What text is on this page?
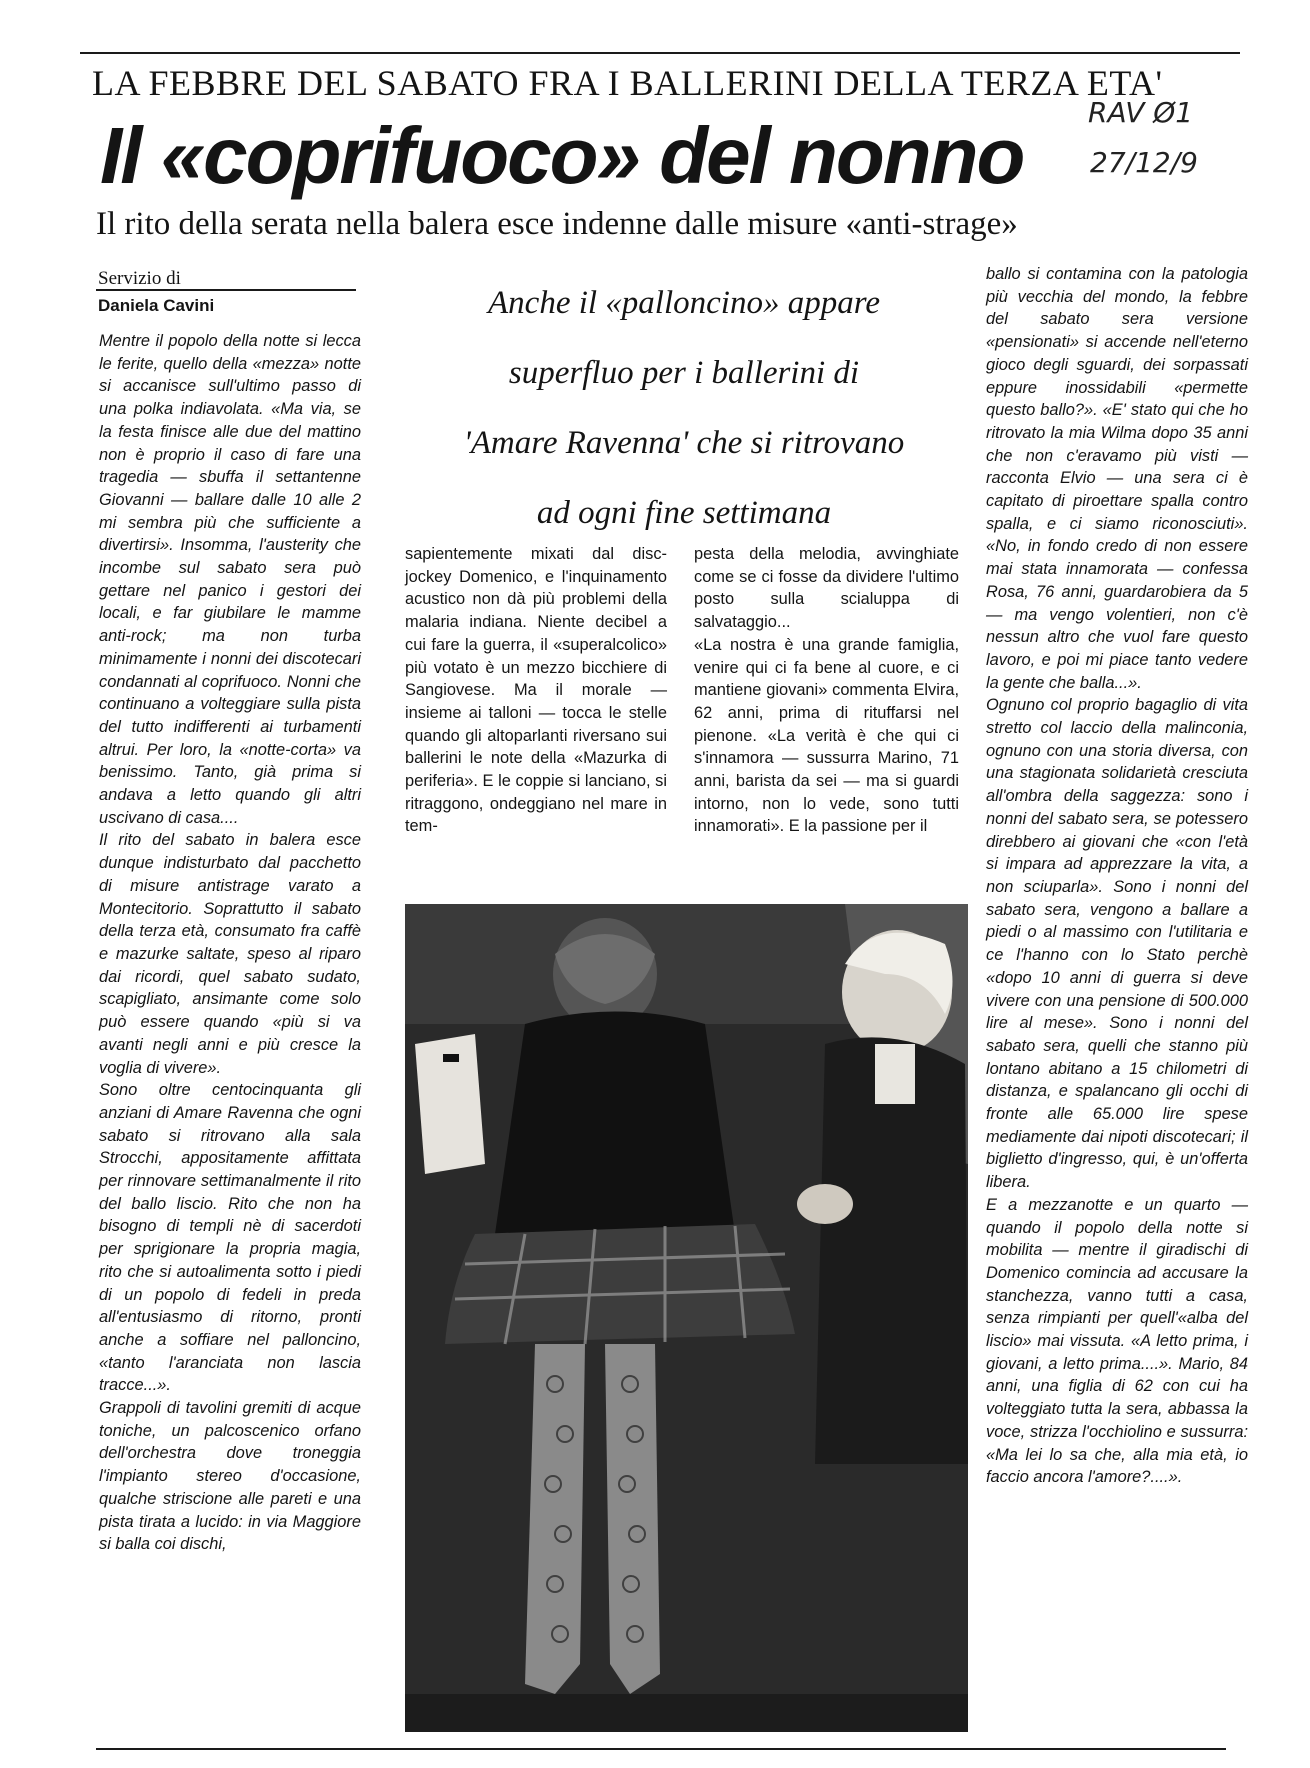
LA FEBBRE DEL SABATO FRA I BALLERINI DELLA TERZA ETA'
Il «coprifuoco» del nonno
Il rito della serata nella balera esce indenne dalle misure «anti-strage»
RAV Ø1
27/12/9
Servizio di
Daniela Cavini	Anche il «palloncino» appare
superfluo per i ballerini di
'Amare Ravenna' che si ritrovano
ad ogni fine settimana

Mentre il popolo della notte si lecca le ferite, quello della «mezza» notte si accanisce sull'ultimo passo di una polka indiavolata. «Ma via, se la festa finisce alle due del mattino non è proprio il caso di fare una tragedia — sbuffa il settantenne Giovanni — ballare dalle 10 alle 2 mi sembra più che sufficiente a divertirsi». Insomma, l'austerity che incombe sul sabato sera può gettare nel panico i gestori dei locali, e far giubilare le mamme anti-rock; ma non turba minimamente i nonni dei discotecari condannati al coprifuoco. Nonni che continuano a volteggiare sulla pista del tutto indifferenti ai turbamenti altrui. Per loro, la «notte-corta» va benissimo. Tanto, già prima si andava a letto quando gli altri uscivano di casa....

Il rito del sabato in balera esce dunque indisturbato dal pacchetto di misure antistrage varato a Montecitorio. Soprattutto il sabato della terza età, consumato fra caffè e mazurke saltate, speso al riparo dai ricordi, quel sabato sudato, scapigliato, ansimante come solo può essere quando «più si va avanti negli anni e più cresce la voglia di vivere».

Sono oltre centocinquanta gli anziani di Amare Ravenna che ogni sabato si ritrovano alla sala Strocchi, appositamente affittata per rinnovare settimanalmente il rito del ballo liscio. Rito che non ha bisogno di templi nè di sacerdoti per sprigionare la propria magia, rito che si autoalimenta sotto i piedi di un popolo di fedeli in preda all'entusiasmo di ritorno, pronti anche a soffiare nel palloncino, «tanto l'aranciata non lascia tracce...».

Grappoli di tavolini gremiti di acque toniche, un palcoscenico orfano dell'orchestra dove troneggia l'impianto stereo d'occasione, qualche striscione alle pareti e una pista tirata a lucido: in via Maggiore si balla coi dischi,

sapientemente mixati dal disc-jockey Domenico, e l'inquinamento acustico non dà più problemi della malaria indiana. Niente decibel a cui fare la guerra, il «superalcolico» più votato è un mezzo bicchiere di Sangiovese. Ma il morale — insieme ai talloni — tocca le stelle quando gli altoparlanti riversano sui ballerini le note della «Mazurka di periferia». E le coppie si lanciano, si ritraggono, ondeggiano nel mare in tem-

pesta della melodia, avvinghiate come se ci fosse da dividere l'ultimo posto sulla scialuppa di salvataggio...

«La nostra è una grande famiglia, venire qui ci fa bene al cuore, e ci mantiene giovani» commenta Elvira, 62 anni, prima di rituffarsi nel pienone. «La verità è che qui ci s'innamora — sussurra Marino, 71 anni, barista da sei — ma si guardi intorno, non lo vede, sono tutti innamorati». E la passione per il

ballo si contamina con la patologia più vecchia del mondo, la febbre del sabato sera versione «pensionati» si accende nell'eterno gioco degli sguardi, dei sorpassati eppure inossidabili «permette questo ballo?». «E' stato qui che ho ritrovato la mia Wilma dopo 35 anni che non c'eravamo più visti — racconta Elvio — una sera ci è capitato di piroettare spalla contro spalla, e ci siamo riconosciuti». «No, in fondo credo di non essere mai stata innamorata — confessa Rosa, 76 anni, guardarobiera da 5 — ma vengo volentieri, non c'è nessun altro che vuol fare questo lavoro, e poi mi piace tanto vedere la gente che balla...».

Ognuno col proprio bagaglio di vita stretto col laccio della malinconia, ognuno con una storia diversa, con una stagionata solidarietà cresciuta all'ombra della saggezza: sono i nonni del sabato sera, se potessero direbbero ai giovani che «con l'età si impara ad apprezzare la vita, a non sciuparla». Sono i nonni del sabato sera, vengono a ballare a piedi o al massimo con l'utilitaria e ce l'hanno con lo Stato perchè «dopo 10 anni di guerra si deve vivere con una pensione di 500.000 lire al mese». Sono i nonni del sabato sera, quelli che stanno più lontano abitano a 15 chilometri di distanza, e spalancano gli occhi di fronte alle 65.000 lire spese mediamente dai nipoti discotecari; il biglietto d'ingresso, qui, è un'offerta libera.

E a mezzanotte e un quarto — quando il popolo della notte si mobilita — mentre il giradischi di Domenico comincia ad accusare la stanchezza, vanno tutti a casa, senza rimpianti per quell'«alba del liscio» mai vissuta. «A letto prima, i giovani, a letto prima....». Mario, 84 anni, una figlia di 62 con cui ha volteggiato tutta la sera, abbassa la voce, strizza l'occhiolino e sussurra: «Ma lei lo sa che, alla mia età, io faccio ancora l'amore?....».
